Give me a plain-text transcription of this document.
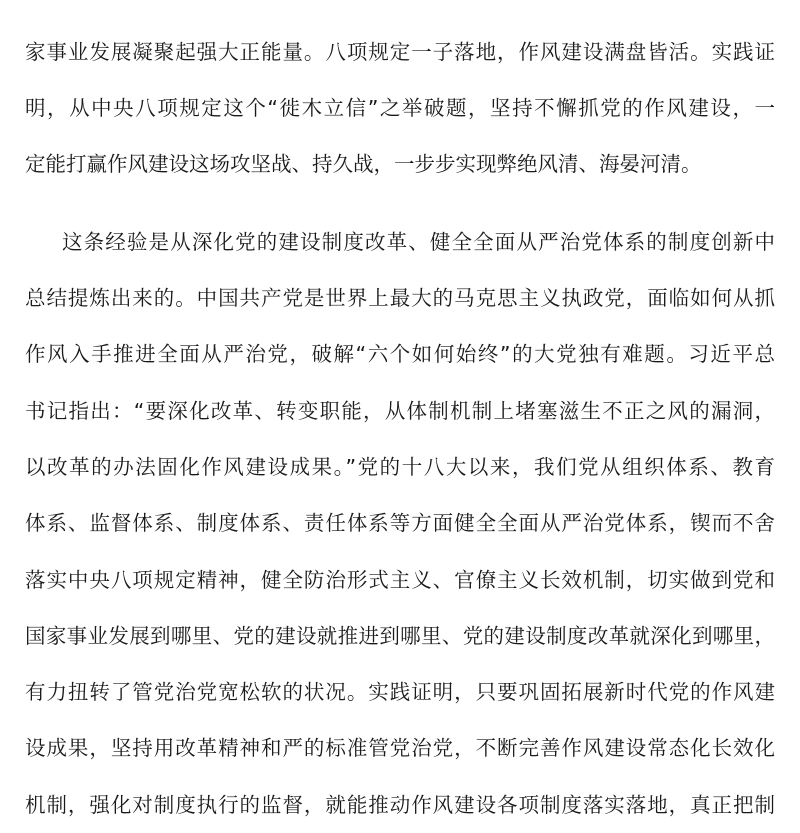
家事业发展凝聚起强大正能量。八项规定一子落地，作风建设满盘皆活。实践证
明，从中央八项规定这个“徙木立信”之举破题，坚持不懈抓党的作风建设，一
定能打赢作风建设这场攻坚战、持久战，一步步实现弊绝风清、海晏河清。
这条经验是从深化党的建设制度改革、健全全面从严治党体系的制度创新中
总结提炼出来的。中国共产党是世界上最大的马克思主义执政党，面临如何从抓
作风入手推进全面从严治党，破解“六个如何始终”的大党独有难题。习近平总
书记指出：“要深化改革、转变职能，从体制机制上堵塞滋生不正之风的漏洞，
以改革的办法固化作风建设成果。”党的十八大以来，我们党从组织体系、教育
体系、监督体系、制度体系、责任体系等方面健全全面从严治党体系，锲而不舍
落实中央八项规定精神，健全防治形式主义、官僚主义长效机制，切实做到党和
国家事业发展到哪里、党的建设就推进到哪里、党的建设制度改革就深化到哪里，
有力扭转了管党治党宽松软的状况。实践证明，只要巩固拓展新时代党的作风建
设成果，坚持用改革精神和严的标准管党治党，不断完善作风建设常态化长效化
机制，强化对制度执行的监督，就能推动作风建设各项制度落实落地，真正把制
